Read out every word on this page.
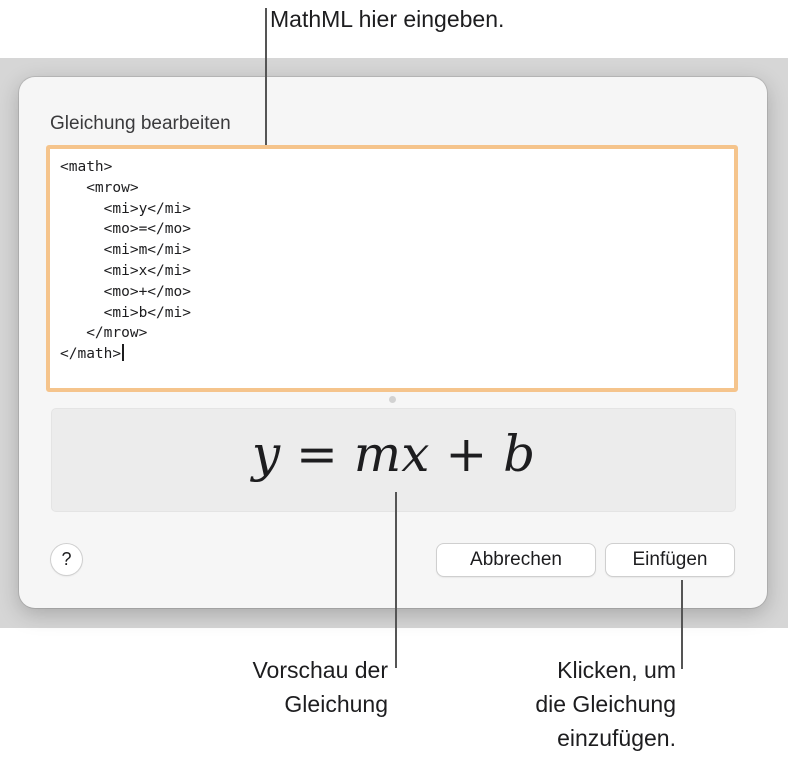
Gleichung bearbeiten
<math>
<mrow>
<mi>y</mi>
<mo>=</mo>
<mi>m</mi>
<mi>x</mi>
<mo>+</mo>
<mi>b</mi>
</mrow>
</math>
y = mx + b
?	Abbrechen	Einfügen
MathML hier eingeben.
Vorschau der
Gleichung
Klicken, um
die Gleichung
einzufügen.
